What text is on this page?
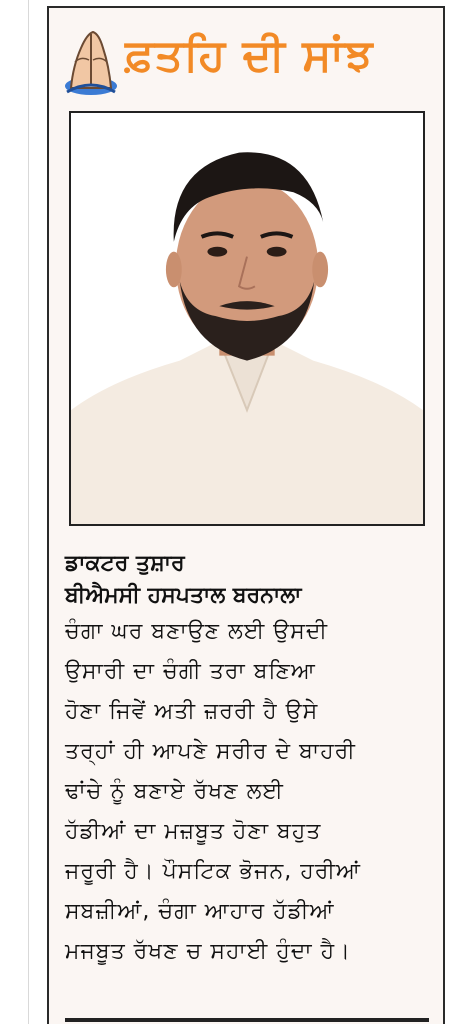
ਫ਼ਤਹਿ ਦੀ ਸਾਂਝ
ਡਾਕਟਰ ਤੁਸ਼ਾਰ
ਬੀਐਮਸੀ ਹਸਪਤਾਲ ਬਰਨਾਲਾ
ਚੰਗਾ ਘਰ ਬਣਾਉਣ ਲਈ ਉਸਦੀ
ਉਸਾਰੀ ਦਾ ਚੰਗੀ ਤਰਾ ਬਣਿਆ
ਹੋਣਾ ਜਿਵੇਂ ਅਤੀ ਜ਼ਰਰੀ ਹੈ ਉਸੇ
ਤਰ੍ਹਾਂ ਹੀ ਆਪਣੇ ਸਰੀਰ ਦੇ ਬਾਹਰੀ
ਢਾਂਚੇ ਨੂੰ ਬਣਾਏ ਰੱਖਣ ਲਈ
ਹੱਡੀਆਂ ਦਾ ਮਜ਼ਬੂਤ ਹੋਣਾ ਬਹੁਤ
ਜਰੂਰੀ ਹੈ। ਪੌਸਟਿਕ ਭੋਜਨ, ਹਰੀਆਂ
ਸਬਜ਼ੀਆਂ, ਚੰਗਾ ਆਹਾਰ ਹੱਡੀਆਂ
ਮਜਬੂਤ ਰੱਖਣ ਚ ਸਹਾਈ ਹੁੰਦਾ ਹੈ।
